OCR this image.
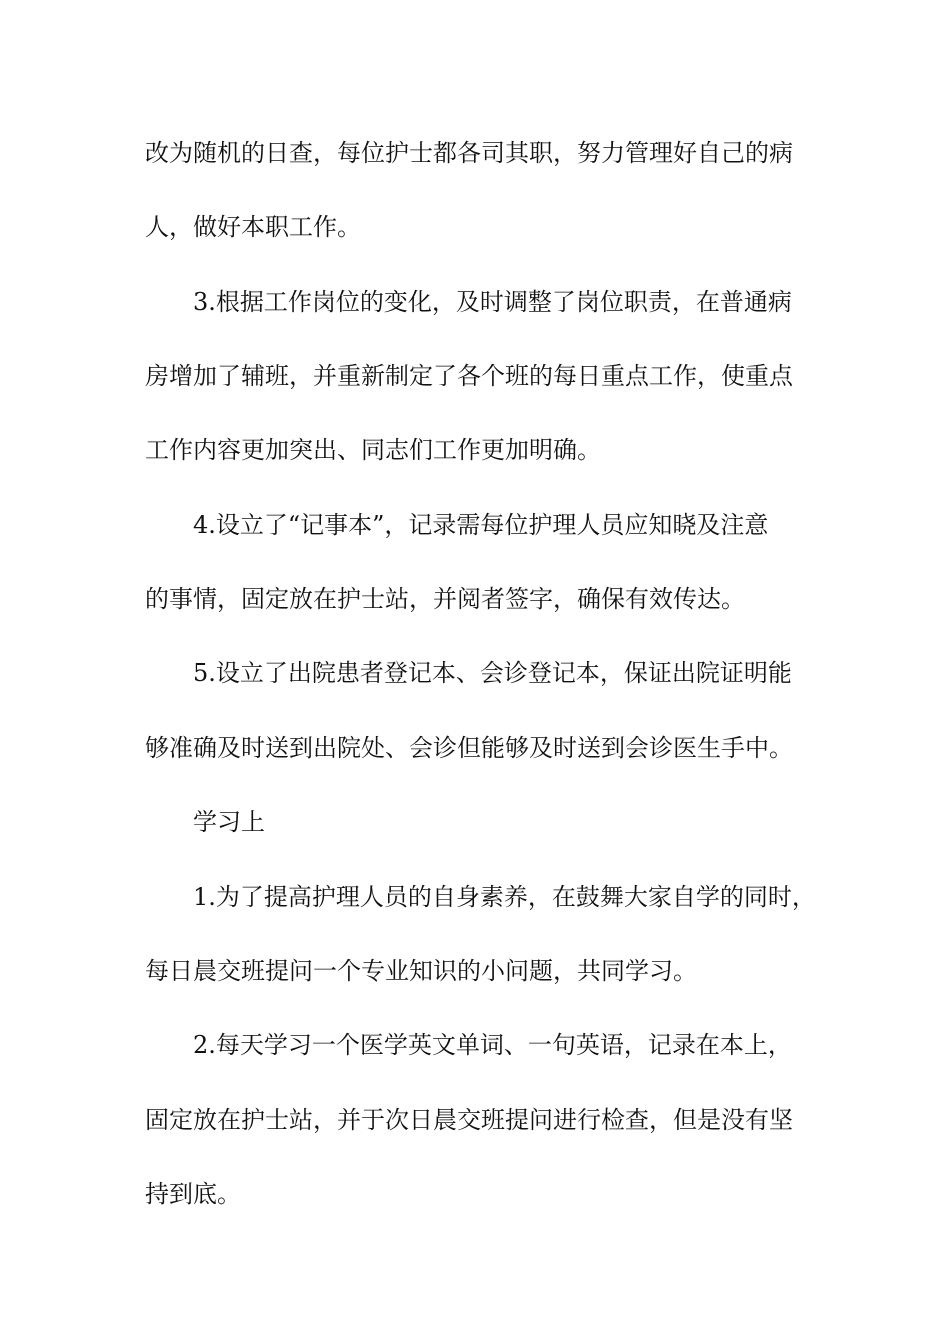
改为随机的日查，每位护士都各司其职，努力管理好自己的病
人，做好本职工作。
3.根据工作岗位的变化，及时调整了岗位职责，在普通病
房增加了辅班，并重新制定了各个班的每日重点工作，使重点
工作内容更加突出、同志们工作更加明确。
4.设立了“记事本”，记录需每位护理人员应知晓及注意
的事情，固定放在护士站，并阅者签字，确保有效传达。
5.设立了出院患者登记本、会诊登记本，保证出院证明能
够准确及时送到出院处、会诊但能够及时送到会诊医生手中。
学习上
1.为了提高护理人员的自身素养，在鼓舞大家自学的同时，
每日晨交班提问一个专业知识的小问题，共同学习。
2.每天学习一个医学英文单词、一句英语，记录在本上，
固定放在护士站，并于次日晨交班提问进行检查，但是没有坚
持到底。
